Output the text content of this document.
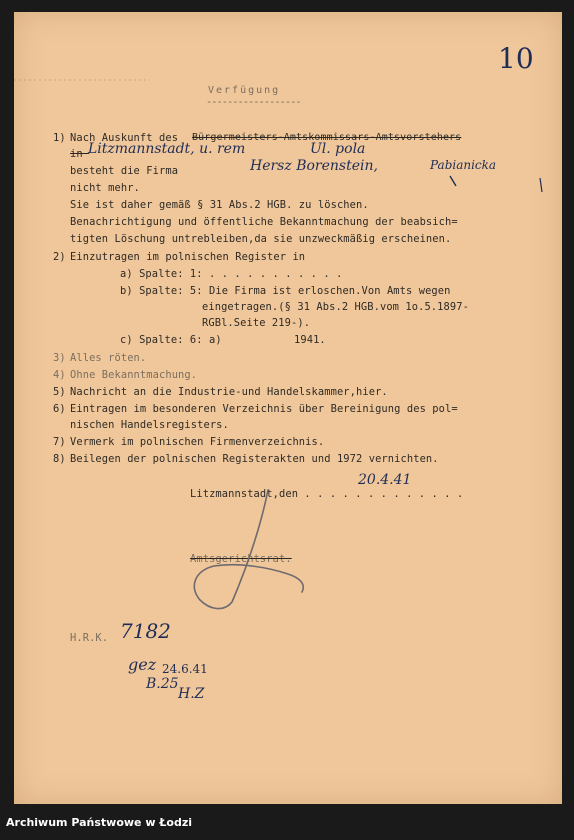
10
Verfügung
------------------
1) Nach Auskunft des Bürgermeisters-Amtskommissars-Amtsvorstehers
in
Litzmannstadt, u. rem	Ul. pola
besteht die Firma	Hersz Borenstein,	Pabianicka
nicht mehr.
Sie ist daher gemäß § 31 Abs.2 HGB. zu löschen.
Benachrichtigung und öffentliche Bekanntmachung der beabsich=
tigten Löschung untrebleiben,da sie unzweckmäßig erscheinen.
2) Einzutragen im polnischen Register in
a) Spalte: 1: . . . . . . . . . . .
b) Spalte: 5: Die Firma ist erloschen.Von Amts wegen
eingetragen.(§ 31 Abs.2 HGB.vom 1o.5.1897-
RGBl.Seite 219-).
c) Spalte: 6: a)	1941.
3) Alles röten.
4) Ohne Bekanntmachung.
5) Nachricht an die Industrie-und Handelskammer,hier.
6) Eintragen im besonderen Verzeichnis über Bereinigung des pol=
nischen Handelsregisters.
7) Vermerk im polnischen Firmenverzeichnis.
8) Beilegen der polnischen Registerakten und 1972 vernichten.
20.4.41
Litzmannstadt,den . . . . . . . . . . . . .
Amtsgerichtsrat.
H.R.K. 7182
gez 24.6.41
B.25
H.Z
Archiwum Państwowe w Łodzi
